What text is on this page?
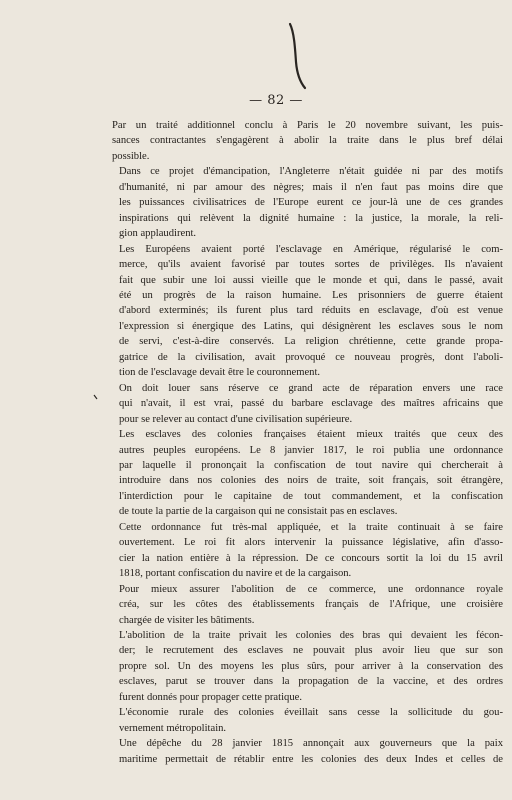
— 82 —

Par un traité additionnel conclu à Paris le 20 novembre suivant, les puis-
sances contractantes s'engagèrent à abolir la traite dans le plus bref délai
possible.

Dans ce projet d'émancipation, l'Angleterre n'était guidée ni par des motifs
d'humanité, ni par amour des nègres; mais il n'en faut pas moins dire que
les puissances civilisatrices de l'Europe eurent ce jour-là une de ces grandes
inspirations qui relèvent la dignité humaine : la justice, la morale, la reli-
gion applaudirent.

Les Européens avaient porté l'esclavage en Amérique, régularisé le com-
merce, qu'ils avaient favorisé par toutes sortes de privilèges. Ils n'avaient
fait que subir une loi aussi vieille que le monde et qui, dans le passé, avait
été un progrès de la raison humaine. Les prisonniers de guerre étaient
d'abord exterminés; ils furent plus tard réduits en esclavage, d'où est venue
l'expression si énergique des Latins, qui désignèrent les esclaves sous le nom
de servi, c'est-à-dire conservés. La religion chrétienne, cette grande propa-
gatrice de la civilisation, avait provoqué ce nouveau progrès, dont l'aboli-
tion de l'esclavage devait être le couronnement.

On doit louer sans réserve ce grand acte de réparation envers une race
qui n'avait, il est vrai, passé du barbare esclavage des maîtres africains que
pour se relever au contact d'une civilisation supérieure.

Les esclaves des colonies françaises étaient mieux traités que ceux des
autres peuples européens. Le 8 janvier 1817, le roi publia une ordonnance
par laquelle il prononçait la confiscation de tout navire qui chercherait à
introduire dans nos colonies des noirs de traite, soit français, soit étrangère,
l'interdiction pour le capitaine de tout commandement, et la confiscation
de toute la partie de la cargaison qui ne consistait pas en esclaves.

Cette ordonnance fut très-mal appliquée, et la traite continuait à se faire
ouvertement. Le roi fit alors intervenir la puissance législative, afin d'asso-
cier la nation entière à la répression. De ce concours sortit la loi du 15 avril
1818, portant confiscation du navire et de la cargaison.

Pour mieux assurer l'abolition de ce commerce, une ordonnance royale
créa, sur les côtes des établissements français de l'Afrique, une croisière
chargée de visiter les bâtiments.

L'abolition de la traite privait les colonies des bras qui devaient les fécon-
der; le recrutement des esclaves ne pouvait plus avoir lieu que sur son
propre sol. Un des moyens les plus sûrs, pour arriver à la conservation des
esclaves, parut se trouver dans la propagation de la vaccine, et des ordres
furent donnés pour propager cette pratique.

L'économie rurale des colonies éveillait sans cesse la sollicitude du gou-
vernement métropolitain.

Une dépêche du 28 janvier 1815 annonçait aux gouverneurs que la paix
maritime permettait de rétablir entre les colonies des deux Indes et celles de
